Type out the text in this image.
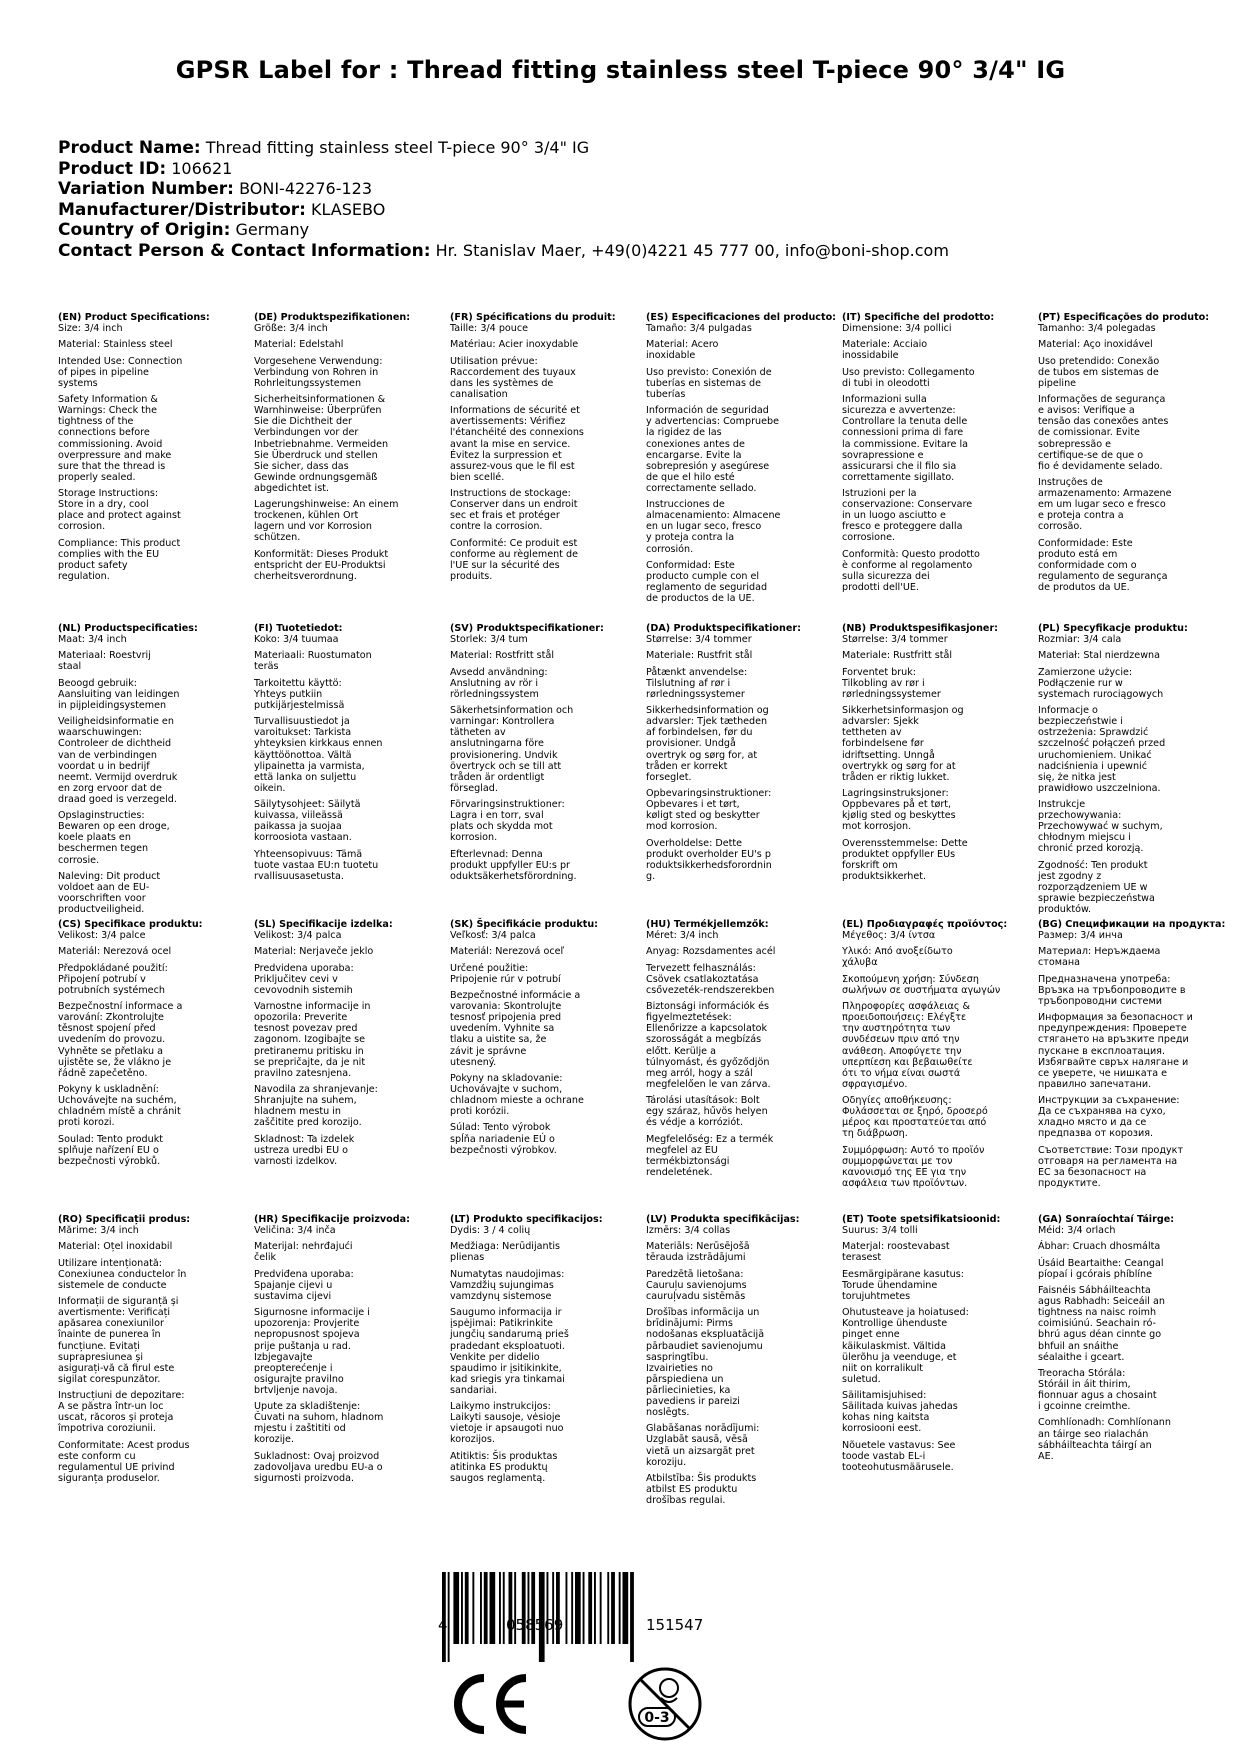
GPSR Label for : Thread fitting stainless steel T-piece 90° 3/4" IG
Product Name: Thread fitting stainless steel T-piece 90° 3/4" IG
Product ID: 106621
Variation Number: BONI-42276-123
Manufacturer/Distributor: KLASEBO
Country of Origin: Germany
Contact Person & Contact Information: Hr. Stanislav Maer, +49(0)4221 45 777 00, info@boni-shop.com
(EN) Product Specifications:
Size: 3/4 inch
Material: Stainless steel
Intended Use: Connection
of pipes in pipeline
systems
Safety Information &
Warnings: Check the
tightness of the
connections before
commissioning. Avoid
overpressure and make
sure that the thread is
properly sealed.
Storage Instructions:
Store in a dry, cool
place and protect against
corrosion.
Compliance: This product
complies with the EU
product safety
regulation.
(DE) Produktspezifikationen:
Größe: 3/4 inch
Material: Edelstahl
Vorgesehene Verwendung:
Verbindung von Rohren in
Rohrleitungssystemen
Sicherheitsinformationen &
Warnhinweise: Überprüfen
Sie die Dichtheit der
Verbindungen vor der
Inbetriebnahme. Vermeiden
Sie Überdruck und stellen
Sie sicher, dass das
Gewinde ordnungsgemäß
abgedichtet ist.
Lagerungshinweise: An einem
trockenen, kühlen Ort
lagern und vor Korrosion
schützen.
Konformität: Dieses Produkt
entspricht der EU-Produktsi
cherheitsverordnung.
(FR) Spécifications du produit:
Taille: 3/4 pouce
Matériau: Acier inoxydable
Utilisation prévue:
Raccordement des tuyaux
dans les systèmes de
canalisation
Informations de sécurité et
avertissements: Vérifiez
l'étanchéité des connexions
avant la mise en service.
Évitez la surpression et
assurez-vous que le fil est
bien scellé.
Instructions de stockage:
Conserver dans un endroit
sec et frais et protéger
contre la corrosion.
Conformité: Ce produit est
conforme au règlement de
l'UE sur la sécurité des
produits.
(ES) Especificaciones del producto:
Tamaño: 3/4 pulgadas
Material: Acero
inoxidable
Uso previsto: Conexión de
tuberías en sistemas de
tuberías
Información de seguridad
y advertencias: Compruebe
la rigidez de las
conexiones antes de
encargarse. Evite la
sobrepresión y asegúrese
de que el hilo esté
correctamente sellado.
Instrucciones de
almacenamiento: Almacene
en un lugar seco, fresco
y proteja contra la
corrosión.
Conformidad: Este
producto cumple con el
reglamento de seguridad
de productos de la UE.
(IT) Specifiche del prodotto:
Dimensione: 3/4 pollici
Materiale: Acciaio
inossidabile
Uso previsto: Collegamento
di tubi in oleodotti
Informazioni sulla
sicurezza e avvertenze:
Controllare la tenuta delle
connessioni prima di fare
la commissione. Evitare la
sovrapressione e
assicurarsi che il filo sia
correttamente sigillato.
Istruzioni per la
conservazione: Conservare
in un luogo asciutto e
fresco e proteggere dalla
corrosione.
Conformità: Questo prodotto
è conforme al regolamento
sulla sicurezza dei
prodotti dell'UE.
(PT) Especificações do produto:
Tamanho: 3/4 polegadas
Material: Aço inoxidável
Uso pretendido: Conexão
de tubos em sistemas de
pipeline
Informações de segurança
e avisos: Verifique a
tensão das conexões antes
de comissionar. Evite
sobrepressão e
certifique-se de que o
fio é devidamente selado.
Instruções de
armazenamento: Armazene
em um lugar seco e fresco
e proteja contra a
corrosão.
Conformidade: Este
produto está em
conformidade com o
regulamento de segurança
de produtos da UE.
(NL) Productspecificaties:
Maat: 3/4 inch
Materiaal: Roestvrij
staal
Beoogd gebruik:
Aansluiting van leidingen
in pijpleidingsystemen
Veiligheidsinformatie en
waarschuwingen:
Controleer de dichtheid
van de verbindingen
voordat u in bedrijf
neemt. Vermijd overdruk
en zorg ervoor dat de
draad goed is verzegeld.
Opslaginstructies:
Bewaren op een droge,
koele plaats en
beschermen tegen
corrosie.
Naleving: Dit product
voldoet aan de EU-
voorschriften voor
productveiligheid.
(FI) Tuotetiedot:
Koko: 3/4 tuumaa
Materiaali: Ruostumaton
teräs
Tarkoitettu käyttö:
Yhteys putkiin
putkijärjestelmissä
Turvallisuustiedot ja
varoitukset: Tarkista
yhteyksien kirkkaus ennen
käyttöönottoa. Vältä
ylipainetta ja varmista,
että lanka on suljettu
oikein.
Säilytysohjeet: Säilytä
kuivassa, viileässä
paikassa ja suojaa
korroosiota vastaan.
Yhteensopivuus: Tämä
tuote vastaa EU:n tuotetu
rvallisuusasetusta.
(SV) Produktspecifikationer:
Storlek: 3/4 tum
Material: Rostfritt stål
Avsedd användning:
Anslutning av rör i
rörledningssystem
Säkerhetsinformation och
varningar: Kontrollera
tätheten av
anslutningarna före
provisionering. Undvik
övertryck och se till att
tråden är ordentligt
förseglad.
Förvaringsinstruktioner:
Lagra i en torr, sval
plats och skydda mot
korrosion.
Efterlevnad: Denna
produkt uppfyller EU:s pr
oduktsäkerhetsförordning.
(DA) Produktspecifikationer:
Størrelse: 3/4 tommer
Materiale: Rustfrit stål
Påtænkt anvendelse:
Tilslutning af rør i
rørledningssystemer
Sikkerhedsinformation og
advarsler: Tjek tætheden
af forbindelsen, før du
provisioner. Undgå
overtryk og sørg for, at
tråden er korrekt
forseglet.
Opbevaringsinstruktioner:
Opbevares i et tørt,
køligt sted og beskytter
mod korrosion.
Overholdelse: Dette
produkt overholder EU's p
roduktsikkerhedsforordnin
g.
(NB) Produktspesifikasjoner:
Størrelse: 3/4 tommer
Materiale: Rustfritt stål
Forventet bruk:
Tilkobling av rør i
rørledningssystemer
Sikkerhetsinformasjon og
advarsler: Sjekk
tettheten av
forbindelsene før
idriftsetting. Unngå
overtrykk og sørg for at
tråden er riktig lukket.
Lagringsinstruksjoner:
Oppbevares på et tørt,
kjølig sted og beskyttes
mot korrosjon.
Overensstemmelse: Dette
produktet oppfyller EUs
forskrift om
produktsikkerhet.
(PL) Specyfikacje produktu:
Rozmiar: 3/4 cala
Materiał: Stal nierdzewna
Zamierzone użycie:
Podłączenie rur w
systemach rurociągowych
Informacje o
bezpieczeństwie i
ostrzeżenia: Sprawdzić
szczelność połączeń przed
uruchomieniem. Unikać
nadciśnienia i upewnić
się, że nitka jest
prawidłowo uszczelniona.
Instrukcje
przechowywania:
Przechowywać w suchym,
chłodnym miejscu i
chronić przed korozją.
Zgodność: Ten produkt
jest zgodny z
rozporządzeniem UE w
sprawie bezpieczeństwa
produktów.
(CS) Specifikace produktu:
Velikost: 3/4 palce
Materiál: Nerezová ocel
Předpokládané použití:
Připojení potrubí v
potrubních systémech
Bezpečnostní informace a
varování: Zkontrolujte
těsnost spojení před
uvedením do provozu.
Vyhněte se přetlaku a
ujistěte se, že vlákno je
řádně zapečetěno.
Pokyny k uskladnění:
Uchovávejte na suchém,
chladném místě a chránit
proti korozi.
Soulad: Tento produkt
splňuje nařízení EU o
bezpečnosti výrobků.
(SL) Specifikacije izdelka:
Velikost: 3/4 palca
Material: Nerjaveče jeklo
Predvidena uporaba:
Priključitev cevi v
cevovodnih sistemih
Varnostne informacije in
opozorila: Preverite
tesnost povezav pred
zagonom. Izogibajte se
pretiranemu pritisku in
se prepričajte, da je nit
pravilno zatesnjena.
Navodila za shranjevanje:
Shranjujte na suhem,
hladnem mestu in
zaščitite pred korozijo.
Skladnost: Ta izdelek
ustreza uredbi EU o
varnosti izdelkov.
(SK) Špecifikácie produktu:
Veľkosť: 3/4 palca
Materiál: Nerezová oceľ
Určené použitie:
Pripojenie rúr v potrubí
Bezpečnostné informácie a
varovania: Skontrolujte
tesnosť pripojenia pred
uvedením. Vyhnite sa
tlaku a uistite sa, že
závit je správne
utesnený.
Pokyny na skladovanie:
Uchovávajte v suchom,
chladnom mieste a ochrane
proti korózii.
Súlad: Tento výrobok
spĺňa nariadenie EÚ o
bezpečnosti výrobkov.
(HU) Termékjellemzők:
Méret: 3/4 inch
Anyag: Rozsdamentes acél
Tervezett felhasználás:
Csövek csatlakoztatása
csővezeték-rendszerekben
Biztonsági információk és
figyelmeztetések:
Ellenőrizze a kapcsolatok
szorosságát a megbízás
előtt. Kerülje a
túlnyomást, és győződjön
meg arról, hogy a szál
megfelelően le van zárva.
Tárolási utasítások: Bolt
egy száraz, hűvös helyen
és védje a korróziót.
Megfelelőség: Ez a termék
megfelel az EU
termékbiztonsági
rendeletének.
(EL) Προδιαγραφές προϊόντος:
Μέγεθος: 3/4 ίντσα
Υλικό: Από ανοξείδωτο
χάλυβα
Σκοπούμενη χρήση: Σύνδεση
σωλήνων σε συστήματα αγωγών
Πληροφορίες ασφάλειας &
προειδοποιήσεις: Ελέγξτε
την αυστηρότητα των
συνδέσεων πριν από την
ανάθεση. Αποφύγετε την
υπερπίεση και βεβαιωθείτε
ότι το νήμα είναι σωστά
σφραγισμένο.
Οδηγίες αποθήκευσης:
Φυλάσσεται σε ξηρό, δροσερό
μέρος και προστατεύεται από
τη διάβρωση.
Συμμόρφωση: Αυτό το προϊόν
συμμορφώνεται με τον
κανονισμό της ΕΕ για την
ασφάλεια των προϊόντων.
(BG) Спецификации на продукта:
Размер: 3/4 инча
Материал: Неръждаема
стомана
Предназначена употреба:
Връзка на тръбопроводите в
тръбопроводни системи
Информация за безопасност и
предупреждения: Проверете
стягането на връзките преди
пускане в експлоатация.
Избягвайте свръх налягане и
се уверете, че нишката е
правилно запечатани.
Инструкции за съхранение:
Да се съхранява на сухо,
хладно място и да се
предпазва от корозия.
Съответствие: Този продукт
отговаря на регламента на
ЕС за безопасност на
продуктите.
(RO) Specificații produs:
Mărime: 3/4 inch
Material: Oțel inoxidabil
Utilizare intenționată:
Conexiunea conductelor în
sistemele de conducte
Informații de siguranță și
avertismente: Verificați
apăsarea conexiunilor
înainte de punerea în
funcțiune. Evitați
suprapresiunea și
asigurați-vă că firul este
sigilat corespunzător.
Instrucțiuni de depozitare:
A se păstra într-un loc
uscat, răcoros și proteja
împotriva coroziunii.
Conformitate: Acest produs
este conform cu
regulamentul UE privind
siguranța produselor.
(HR) Specifikacije proizvoda:
Veličina: 3/4 inča
Materijal: nehrđajući
čelik
Predviđena uporaba:
Spajanje cijevi u
sustavima cijevi
Sigurnosne informacije i
upozorenja: Provjerite
nepropusnost spojeva
prije puštanja u rad.
Izbjegavajte
preopterećenje i
osigurajte pravilno
brtvljenje navoja.
Upute za skladištenje:
Čuvati na suhom, hladnom
mjestu i zaštititi od
korozije.
Sukladnost: Ovaj proizvod
zadovoljava uredbu EU-a o
sigurnosti proizvoda.
(LT) Produkto specifikacijos:
Dydis: 3 / 4 colių
Medžiaga: Nerūdijantis
plienas
Numatytas naudojimas:
Vamzdžių sujungimas
vamzdynų sistemose
Saugumo informacija ir
įspėjimai: Patikrinkite
jungčių sandarumą prieš
pradedant eksploatuoti.
Venkite per didelio
spaudimo ir įsitikinkite,
kad sriegis yra tinkamai
sandariai.
Laikymo instrukcijos:
Laikyti sausoje, vėsioje
vietoje ir apsaugoti nuo
korozijos.
Atitiktis: Šis produktas
atitinka ES produktų
saugos reglamentą.
(LV) Produkta specifikācijas:
Izmērs: 3/4 collas
Materiāls: Nerūsējošā
tērauda izstrādājumi
Paredzētā lietošana:
Cauruļu savienojums
cauruļvadu sistēmās
Drošības informācija un
brīdinājumi: Pirms
nodošanas ekspluatācijā
pārbaudiet savienojumu
saspringtību.
Izvairieties no
pārspiediena un
pārliecinieties, ka
pavediens ir pareizi
noslēgts.
Glabāšanas norādījumi:
Uzglabāt sausā, vēsā
vietā un aizsargāt pret
koroziju.
Atbilstība: Šis produkts
atbilst ES produktu
drošības regulai.
(ET) Toote spetsifikatsioonid:
Suurus: 3/4 tolli
Materjal: roostevabast
terasest
Eesmärgipärane kasutus:
Torude ühendamine
torujuhtmetes
Ohutusteave ja hoiatused:
Kontrollige ühenduste
pinget enne
käikulaskmist. Vältida
ülerõhu ja veenduge, et
niit on korralikult
suletud.
Säilitamisjuhised:
Säilitada kuivas jahedas
kohas ning kaitsta
korrosiooni eest.
Nõuetele vastavus: See
toode vastab EL-i
tooteohutusmäärusele.
(GA) Sonraíochtaí Táirge:
Méid: 3/4 orlach
Ábhar: Cruach dhosmálta
Úsáid Beartaithe: Ceangal
píopaí i gcórais phíblíne
Faisnéis Sábháilteachta
agus Rabhadh: Seiceáil an
tightness na naisc roimh
coimisiúnú. Seachain ró-
bhrú agus déan cinnte go
bhfuil an snáithe
séalaithe i gceart.
Treoracha Stórála:
Stóráil in áit thirim,
fionnuar agus a chosaint
i gcoinne creimthe.
Comhlíonadh: Comhlíonann
an táirge seo rialachán
sábháilteachta táirgí an
AE.
4	058569	151547
0-3
